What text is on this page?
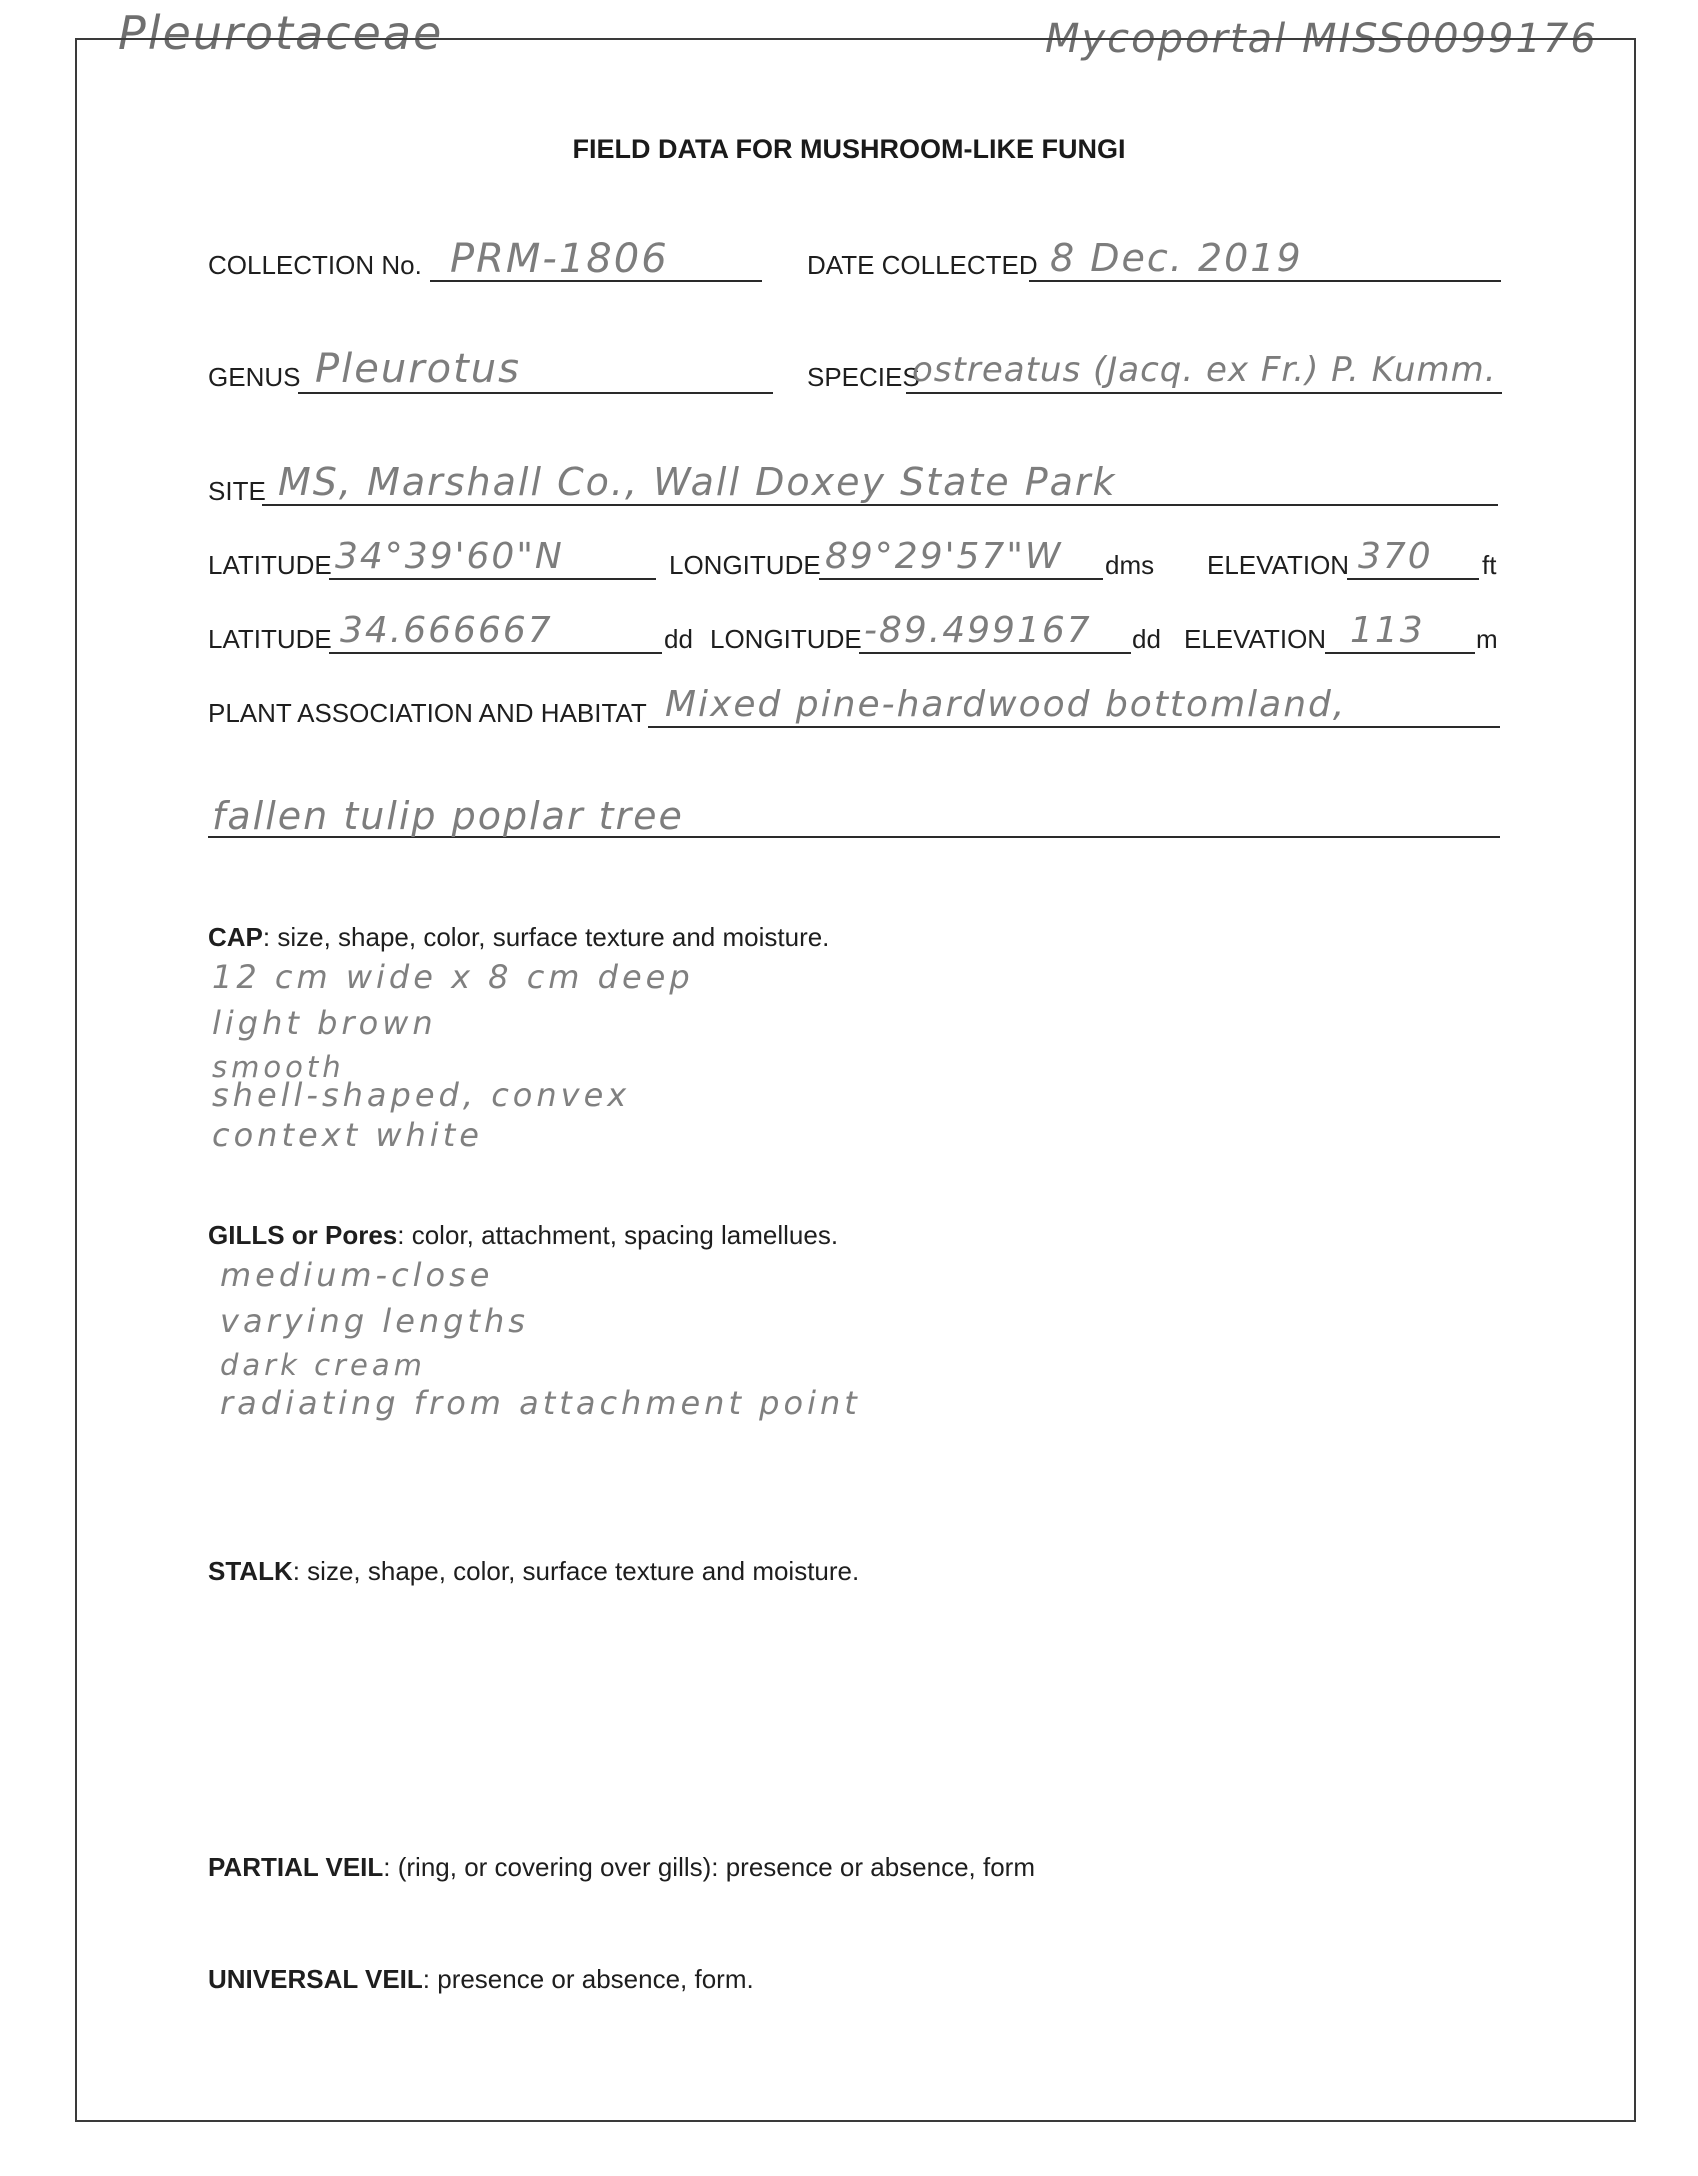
Pleurotaceae	Mycoportal MISS0099176
FIELD DATA FOR MUSHROOM-LIKE FUNGI
COLLECTION No. PRM-1806	DATE COLLECTED 8 Dec. 2019
GENUS Pleurotus	SPECIES
ostreatus (Jacq. ex Fr.) P. Kumm.
SITE MS, Marshall Co., Wall Doxey State Park
LATITUDE 34°39'60"N	LONGITUDE 89°29'57"W dms ELEVATION 370 ft
LATITUDE 34.666667	dd LONGITUDE -89.499167 dd ELEVATION 113 m
PLANT ASSOCIATION AND HABITAT Mixed pine-hardwood bottomland,
fallen tulip poplar tree
CAP: size, shape, color, surface texture and moisture.
12 cm wide x 8 cm deep
light brown
smooth
shell-shaped, convex
context white
GILLS or Pores: color, attachment, spacing lamellues.
medium-close
varying lengths
dark cream
radiating from attachment point
STALK: size, shape, color, surface texture and moisture.
PARTIAL VEIL: (ring, or covering over gills): presence or absence, form
UNIVERSAL VEIL: presence or absence, form.
